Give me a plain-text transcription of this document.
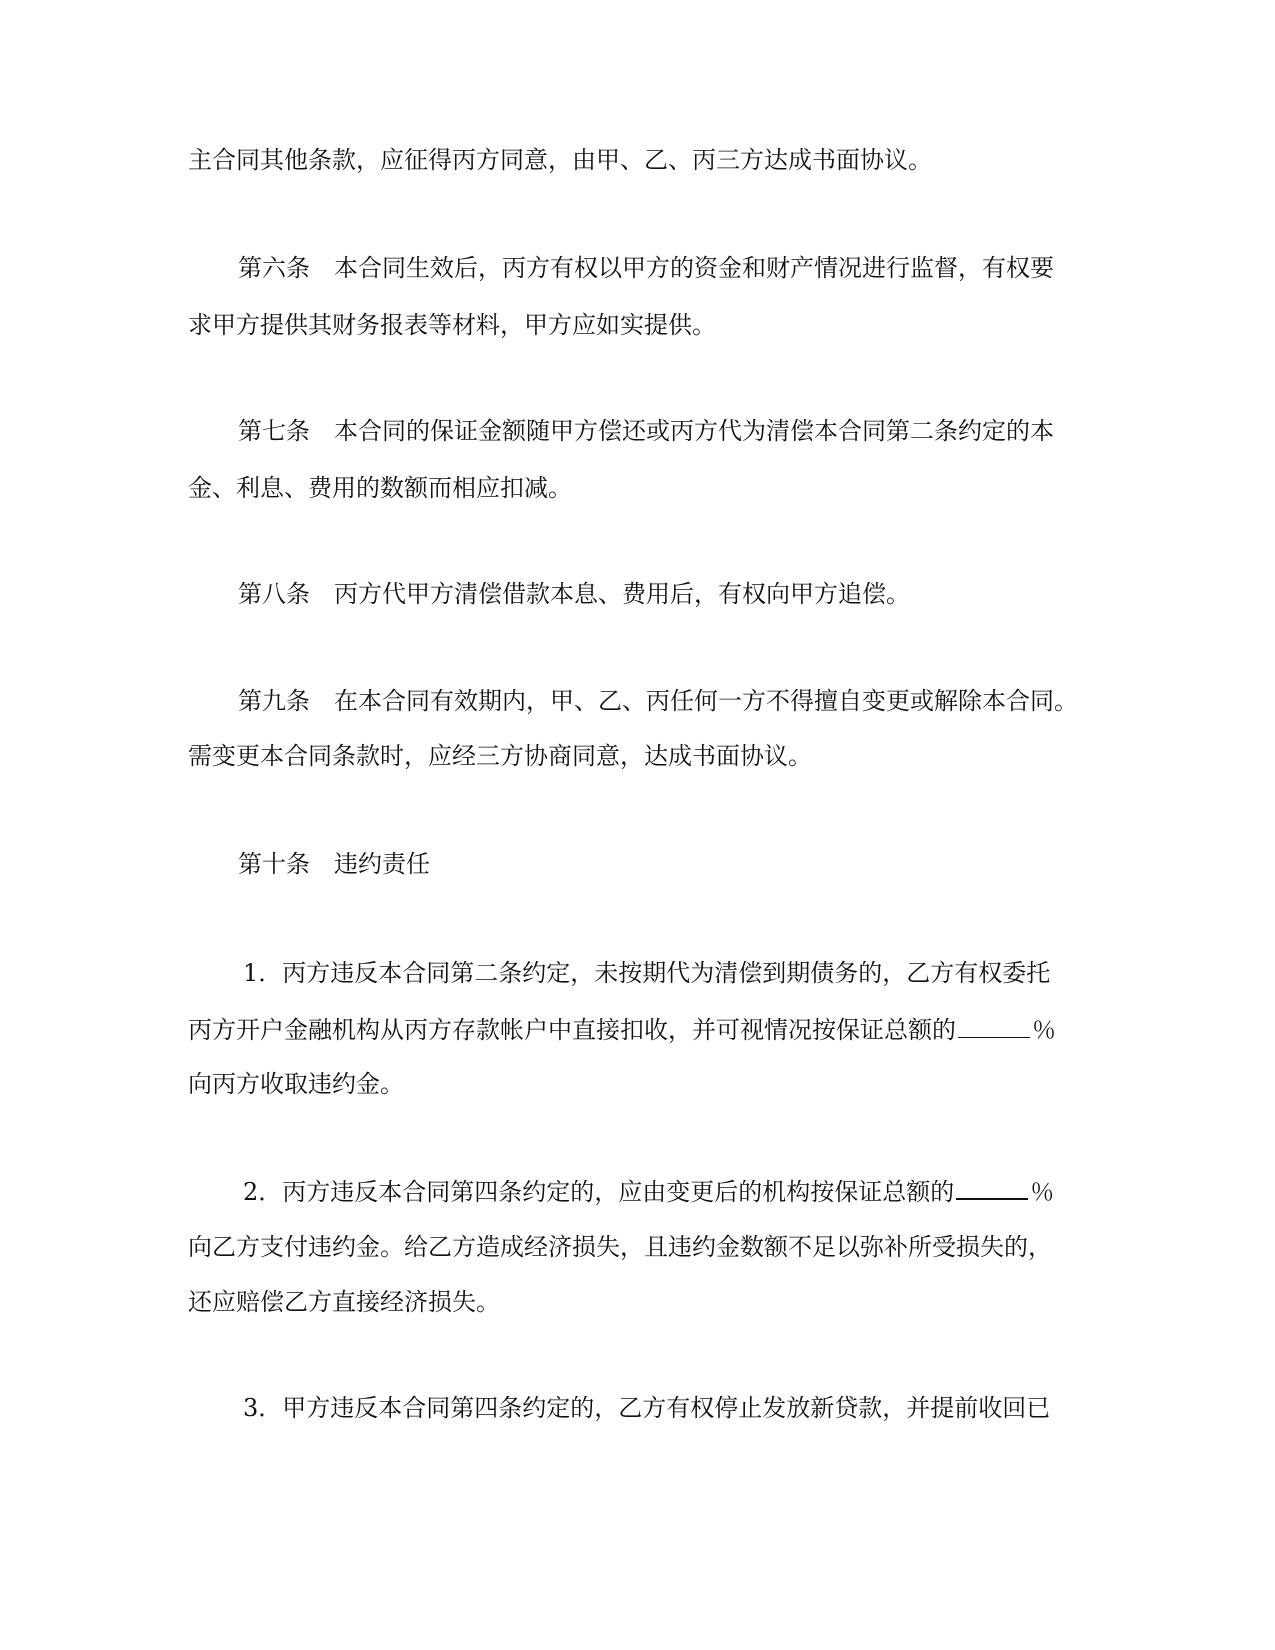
主合同其他条款，应征得丙方同意，由甲、乙、丙三方达成书面协议。
第六条 本合同生效后，丙方有权以甲方的资金和财产情况进行监督，有权要
求甲方提供其财务报表等材料，甲方应如实提供。
第七条 本合同的保证金额随甲方偿还或丙方代为清偿本合同第二条约定的本
金、利息、费用的数额而相应扣减。
第八条 丙方代甲方清偿借款本息、费用后，有权向甲方追偿。
第九条 在本合同有效期内，甲、乙、丙任何一方不得擅自变更或解除本合同。
需变更本合同条款时，应经三方协商同意，达成书面协议。
第十条 违约责任
1．丙方违反本合同第二条约定，未按期代为清偿到期债务的，乙方有权委托
丙方开户金融机构从丙方存款帐户中直接扣收，并可视情况按保证总额的	％
向丙方收取违约金。
2．丙方违反本合同第四条约定的，应由变更后的机构按保证总额的	％
向乙方支付违约金。给乙方造成经济损失，且违约金数额不足以弥补所受损失的，
还应赔偿乙方直接经济损失。
3．甲方违反本合同第四条约定的，乙方有权停止发放新贷款，并提前收回已
